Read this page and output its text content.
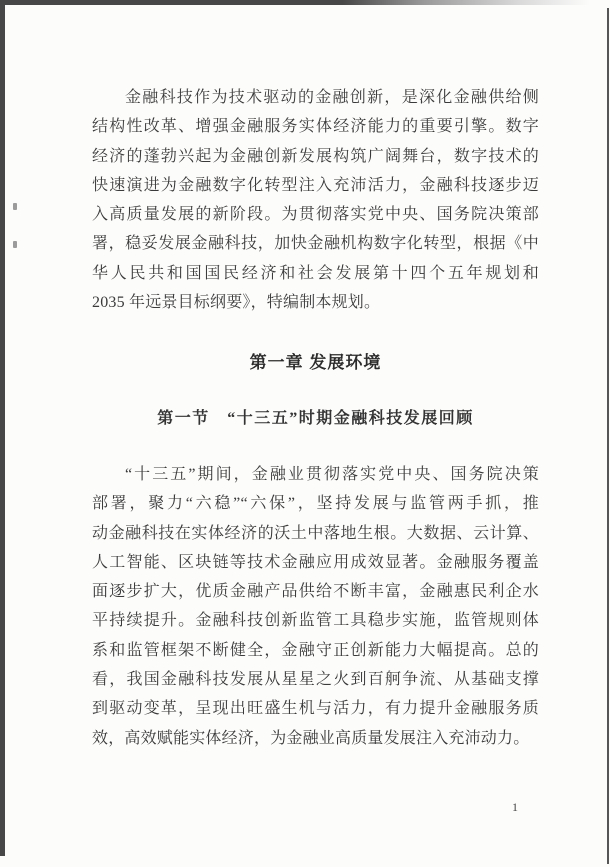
金融科技作为技术驱动的金融创新，是深化金融供给侧
结构性改革、增强金融服务实体经济能力的重要引擎。数字
经济的蓬勃兴起为金融创新发展构筑广阔舞台，数字技术的
快速演进为金融数字化转型注入充沛活力，金融科技逐步迈
入高质量发展的新阶段。为贯彻落实党中央、国务院决策部
署，稳妥发展金融科技，加快金融机构数字化转型，根据《中
华人民共和国国民经济和社会发展第十四个五年规划和
2035 年远景目标纲要》，特编制本规划。
第一章 发展环境
第一节　“十三五”时期金融科技发展回顾
“十三五”期间，金融业贯彻落实党中央、国务院决策
部署，聚力“六稳”“六保”，坚持发展与监管两手抓，推
动金融科技在实体经济的沃土中落地生根。大数据、云计算、
人工智能、区块链等技术金融应用成效显著。金融服务覆盖
面逐步扩大，优质金融产品供给不断丰富，金融惠民利企水
平持续提升。金融科技创新监管工具稳步实施，监管规则体
系和监管框架不断健全，金融守正创新能力大幅提高。总的
看，我国金融科技发展从星星之火到百舸争流、从基础支撑
到驱动变革，呈现出旺盛生机与活力，有力提升金融服务质
效，高效赋能实体经济，为金融业高质量发展注入充沛动力。
1
